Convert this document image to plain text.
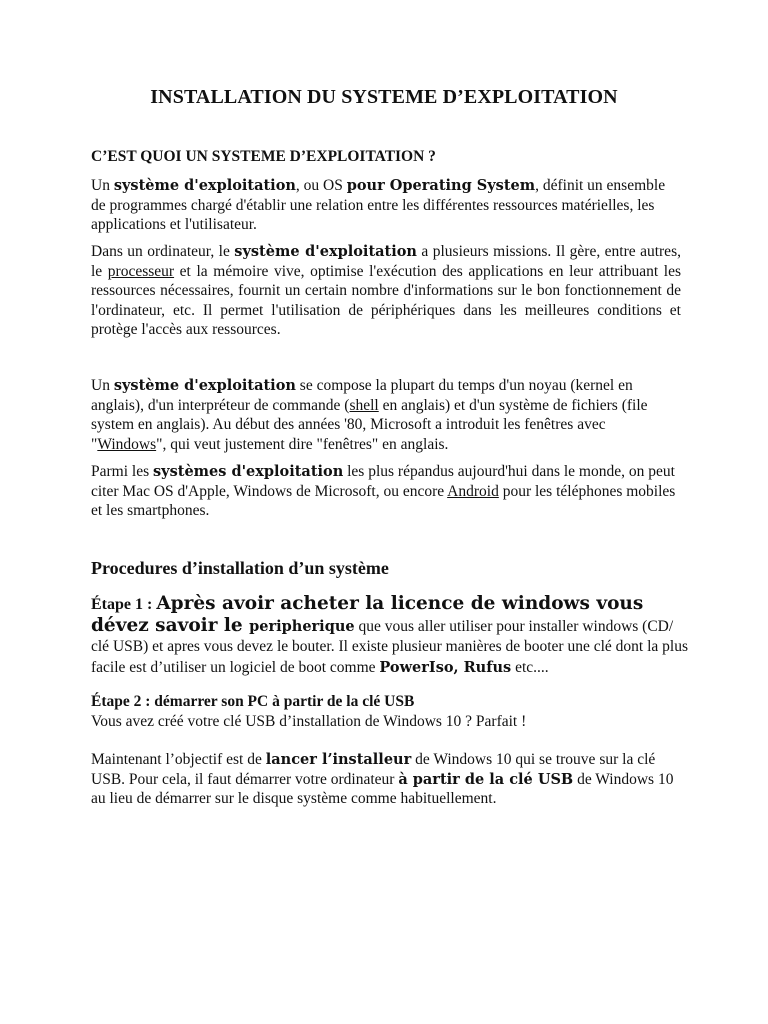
INSTALLATION DU SYSTEME D’EXPLOITATION
C’EST QUOI UN SYSTEME D’EXPLOITATION ?

Un système d'exploitation, ou OS pour Operating System, définit un ensemble de programmes chargé d'établir une relation entre les différentes ressources matérielles, les applications et l'utilisateur.

Dans un ordinateur, le système d'exploitation a plusieurs missions. Il gère, entre autres, le processeur et la mémoire vive, optimise l'exécution des applications en leur attribuant les ressources nécessaires, fournit un certain nombre d'informations sur le bon fonctionnement de l'ordinateur, etc. Il permet l'utilisation de périphériques dans les meilleures conditions et protège l'accès aux ressources.

Un système d'exploitation se compose la plupart du temps d'un noyau (kernel en anglais), d'un interpréteur de commande (shell en anglais) et d'un système de fichiers (file system en anglais). Au début des années '80, Microsoft a introduit les fenêtres avec "Windows", qui veut justement dire "fenêtres" en anglais.

Parmi les systèmes d'exploitation les plus répandus aujourd'hui dans le monde, on peut citer Mac OS d'Apple, Windows de Microsoft, ou encore Android pour les téléphones mobiles et les smartphones.

Procedures d’installation d’un système
Étape 1 : Après avoir acheter la licence de windows vous dévez savoir le peripherique que vous aller utiliser pour installer windows (CD/ clé USB) et apres vous devez le bouter. Il existe plusieur manières de booter une clé dont la plus facile est d’utiliser un logiciel de boot comme PowerIso, Rufus etc....

Étape 2 : démarrer son PC à partir de la clé USB
Vous avez créé votre clé USB d’installation de Windows 10 ? Parfait !

Maintenant l’objectif est de lancer l’installeur de Windows 10 qui se trouve sur la clé USB. Pour cela, il faut démarrer votre ordinateur à partir de la clé USB de Windows 10 au lieu de démarrer sur le disque système comme habituellement.
